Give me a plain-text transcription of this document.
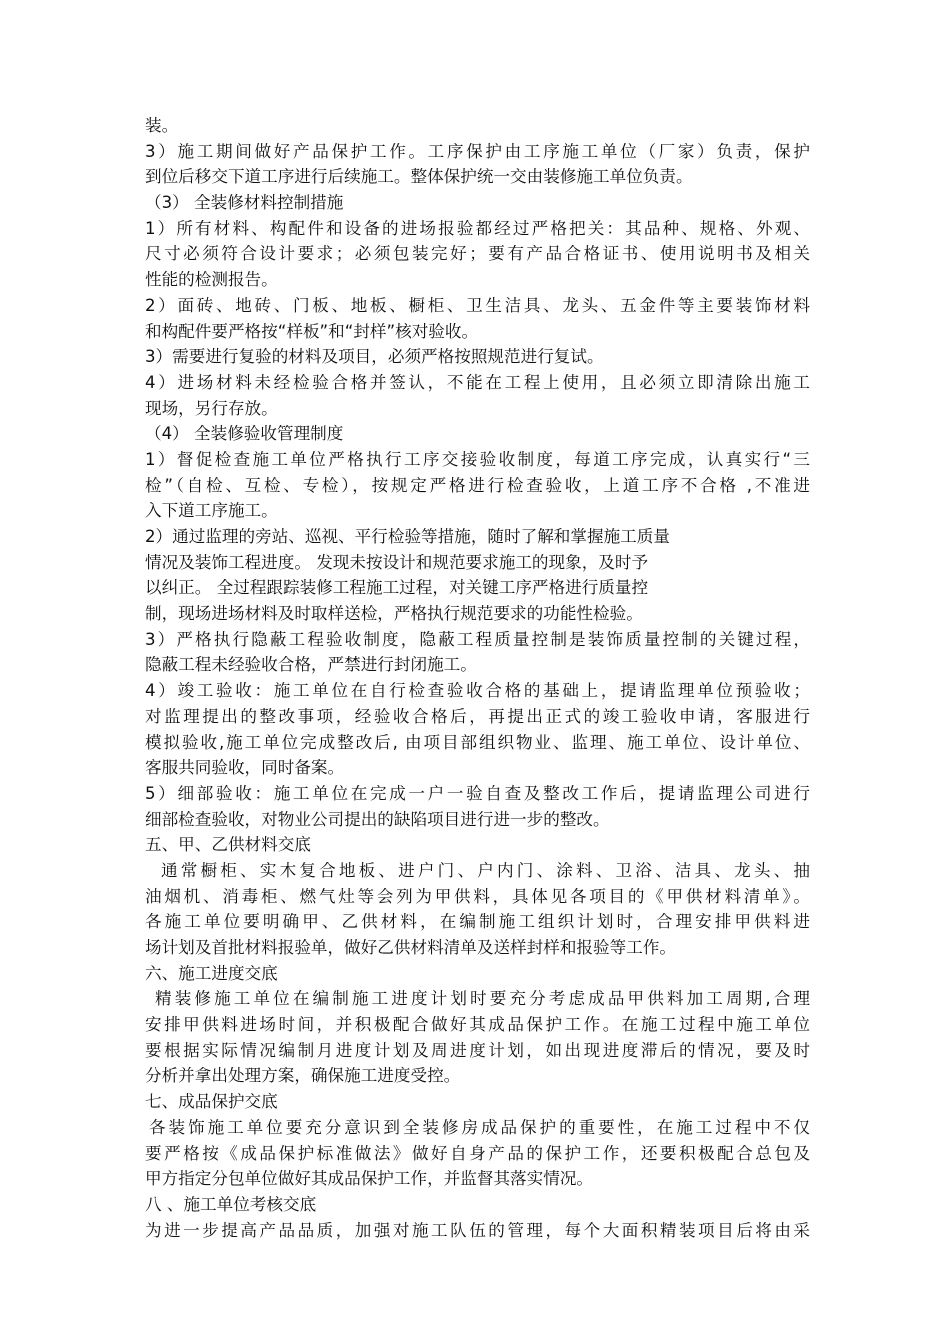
装。
3）施工期间做好产品保护工作。工序保护由工序施工单位（厂家）负责，保护
到位后移交下道工序进行后续施工。整体保护统一交由装修施工单位负责。
（3） 全装修材料控制措施
1）所有材料、构配件和设备的进场报验都经过严格把关：其品种、规格、外观、
尺寸必须符合设计要求；必须包装完好；要有产品合格证书、使用说明书及相关
性能的检测报告。
2）面砖、地砖、门板、地板、橱柜、卫生洁具、龙头、五金件等主要装饰材料
和构配件要严格按“样板”和“封样”核对验收。
3）需要进行复验的材料及项目，必须严格按照规范进行复试。
4）进场材料未经检验合格并签认，不能在工程上使用，且必须立即清除出施工
现场，另行存放。
（4） 全装修验收管理制度
1）督促检查施工单位严格执行工序交接验收制度，每道工序完成，认真实行“三
检”（自检、互检、专检），按规定严格进行检查验收，上道工序不合格 ,不准进
入下道工序施工。
2）通过监理的旁站、巡视、平行检验等措施，随时了解和掌握施工质量
情况及装饰工程进度。 发现未按设计和规范要求施工的现象，及时予
以纠正。 全过程跟踪装修工程施工过程，对关键工序严格进行质量控
制，现场进场材料及时取样送检，严格执行规范要求的功能性检验。
3）严格执行隐蔽工程验收制度，隐蔽工程质量控制是装饰质量控制的关键过程，
隐蔽工程未经验收合格，严禁进行封闭施工。
4）竣工验收：施工单位在自行检查验收合格的基础上，提请监理单位预验收；
对监理提出的整改事项，经验收合格后，再提出正式的竣工验收申请，客服进行
模拟验收,施工单位完成整改后, 由项目部组织物业、监理、施工单位、设计单位、
客服共同验收，同时备案。
5）细部验收：施工单位在完成一户一验自查及整改工作后，提请监理公司进行
细部检查验收，对物业公司提出的缺陷项目进行进一步的整改。
五、甲、乙供材料交底
通常橱柜、实木复合地板、进户门、户内门、涂料、卫浴、洁具、龙头、抽
油烟机、消毒柜、燃气灶等会列为甲供料，具体见各项目的《甲供材料清单》。
各施工单位要明确甲、乙供材料，在编制施工组织计划时，合理安排甲供料进
场计划及首批材料报验单，做好乙供材料清单及送样封样和报验等工作。
六、施工进度交底
精装修施工单位在编制施工进度计划时要充分考虑成品甲供料加工周期,合理
安排甲供料进场时间，并积极配合做好其成品保护工作。在施工过程中施工单位
要根据实际情况编制月进度计划及周进度计划，如出现进度滞后的情况，要及时
分析并拿出处理方案，确保施工进度受控。
七、成品保护交底
各装饰施工单位要充分意识到全装修房成品保护的重要性，在施工过程中不仅
要严格按《成品保护标准做法》做好自身产品的保护工作，还要积极配合总包及
甲方指定分包单位做好其成品保护工作，并监督其落实情况。
八 、施工单位考核交底
为进一步提高产品品质，加强对施工队伍的管理，每个大面积精装项目后将由采
